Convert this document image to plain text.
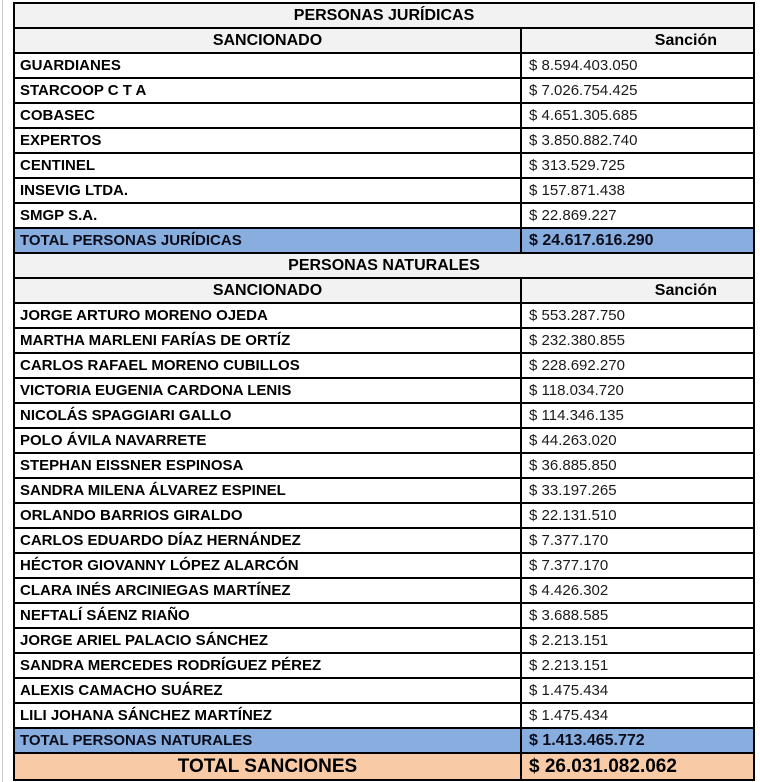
PERSONAS JURÍDICAS	
SANCIONADO	Sanción
GUARDIANES	$ 8.594.403.050
STARCOOP C T A	$ 7.026.754.425
COBASEC	$ 4.651.305.685
EXPERTOS	$ 3.850.882.740
CENTINEL	$ 313.529.725
INSEVIG LTDA.	$ 157.871.438
SMGP S.A.	$ 22.869.227
TOTAL PERSONAS JURÍDICAS	$ 24.617.616.290
PERSONAS NATURALES	
SANCIONADO	Sanción
JORGE ARTURO MORENO OJEDA	$ 553.287.750
MARTHA MARLENI FARÍAS DE ORTÍZ	$ 232.380.855
CARLOS RAFAEL MORENO CUBILLOS	$ 228.692.270
VICTORIA EUGENIA CARDONA LENIS	$ 118.034.720
NICOLÁS SPAGGIARI GALLO	$ 114.346.135
POLO ÁVILA NAVARRETE	$ 44.263.020
STEPHAN EISSNER ESPINOSA	$ 36.885.850
SANDRA MILENA ÁLVAREZ ESPINEL	$ 33.197.265
ORLANDO BARRIOS GIRALDO	$ 22.131.510
CARLOS EDUARDO DÍAZ HERNÁNDEZ	$ 7.377.170
HÉCTOR GIOVANNY LÓPEZ ALARCÓN	$ 7.377.170
CLARA INÉS ARCINIEGAS MARTÍNEZ	$ 4.426.302
NEFTALÍ SÁENZ RIAÑO	$ 3.688.585
JORGE ARIEL PALACIO SÁNCHEZ	$ 2.213.151
SANDRA MERCEDES RODRÍGUEZ PÉREZ	$ 2.213.151
ALEXIS CAMACHO SUÁREZ	$ 1.475.434
LILI JOHANA SÁNCHEZ MARTÍNEZ	$ 1.475.434
TOTAL PERSONAS NATURALES	$ 1.413.465.772
TOTAL SANCIONES	$ 26.031.082.062
